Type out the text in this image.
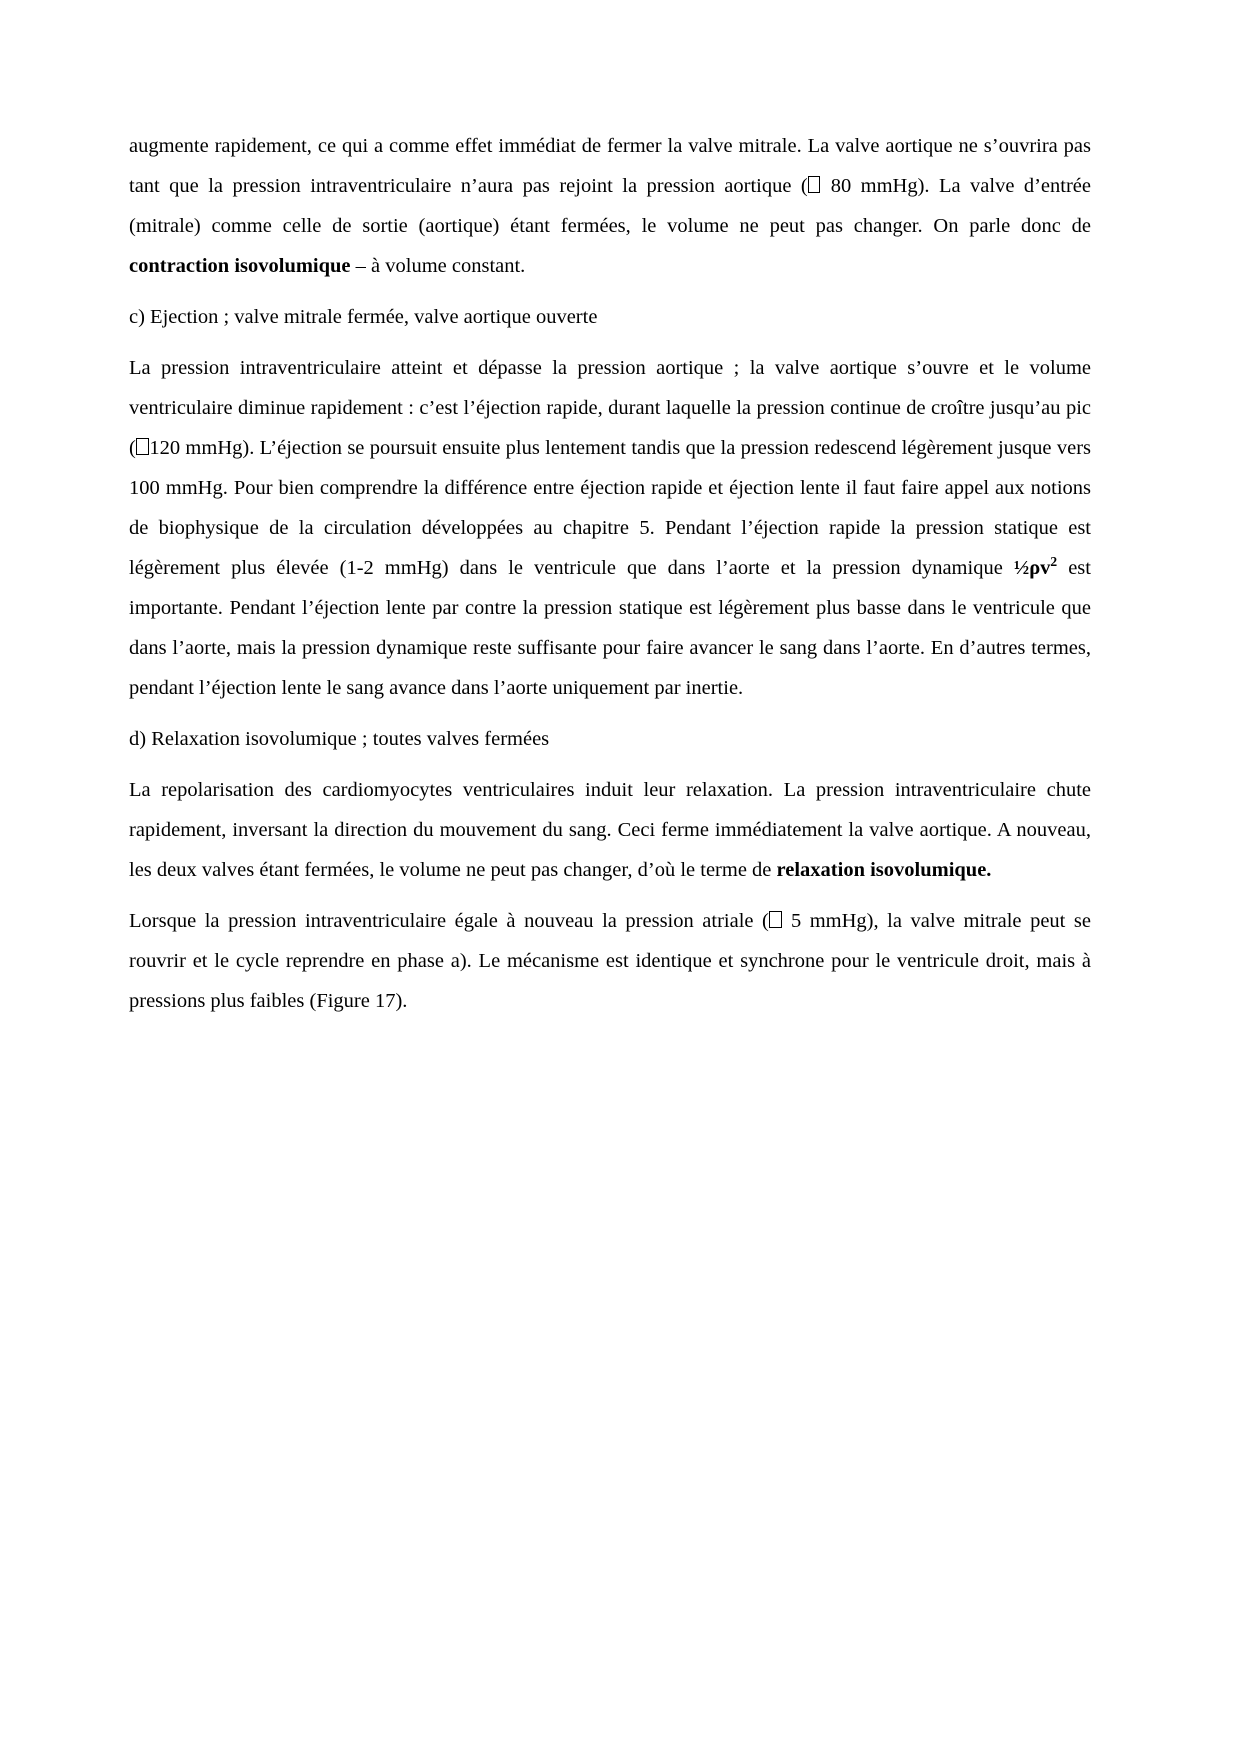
augmente rapidement, ce qui a comme effet immédiat de fermer la valve mitrale. La valve aortique ne s’ouvrira pas tant que la pression intraventriculaire n’aura pas rejoint la pression aortique ( 80 mmHg). La valve d’entrée (mitrale) comme celle de sortie (aortique) étant fermées, le volume ne peut pas changer. On parle donc de contraction isovolumique – à volume constant.

c) Ejection ; valve mitrale fermée, valve aortique ouverte

La pression intraventriculaire atteint et dépasse la pression aortique ; la valve aortique s’ouvre et le volume ventriculaire diminue rapidement : c’est l’éjection rapide, durant laquelle la pression continue de croître jusqu’au pic ( 120 mmHg). L’éjection se poursuit ensuite plus lentement tandis que la pression redescend légèrement jusque vers 100 mmHg. Pour bien comprendre la différence entre éjection rapide et éjection lente il faut faire appel aux notions de biophysique de la circulation développées au chapitre 5. Pendant l’éjection rapide la pression statique est légèrement plus élevée (1-2 mmHg) dans le ventricule que dans l’aorte et la pression dynamique $\frac{1}{2}\rho v^2$ est importante. Pendant l’éjection lente par contre la pression statique est légèrement plus basse dans le ventricule que dans l’aorte, mais la pression dynamique reste suffisante pour faire avancer le sang dans l’aorte. En d’autres termes, pendant l’éjection lente le sang avance dans l’aorte uniquement par inertie.

d) Relaxation isovolumique ; toutes valves fermées

La repolarisation des cardiomyocytes ventriculaires induit leur relaxation. La pression intraventriculaire chute rapidement, inversant la direction du mouvement du sang. Ceci ferme immédiatement la valve aortique. A nouveau, les deux valves étant fermées, le volume ne peut pas changer, d’où le terme de relaxation isovolumique.

Lorsque la pression intraventriculaire égale à nouveau la pression atriale ( 5 mmHg), la valve mitrale peut se rouvrir et le cycle reprendre en phase a). Le mécanisme est identique et synchrone pour le ventricule droit, mais à pressions plus faibles (Figure 17).
